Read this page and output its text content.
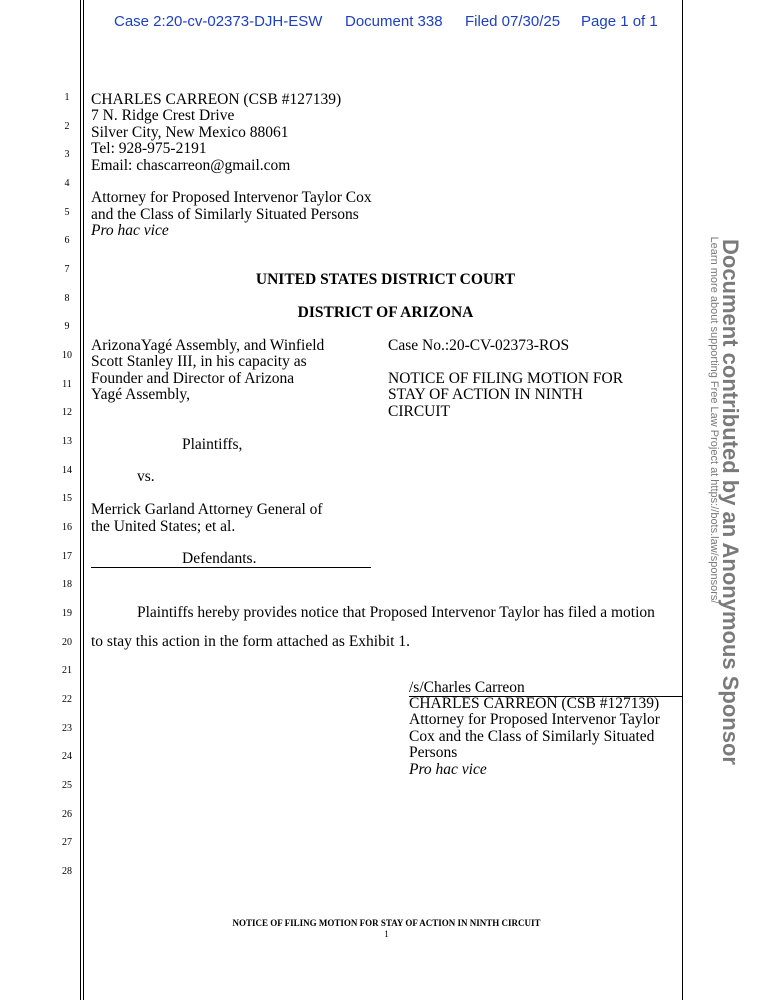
Case 2:20-cv-02373-DJH-ESW Document 338 Filed 07/30/25 Page 1 of 1
1
2
3
4
5
6
7
8
9
10
11
12
13
14
15
16
17
18
19
20
21
22
23
24
25
26
27
28
CHARLES CARREON (CSB #127139)
7 N. Ridge Crest Drive
Silver City, New Mexico 88061
Tel: 928-975-2191
Email: chascarreon@gmail.com
Attorney for Proposed Intervenor Taylor Cox
and the Class of Similarly Situated Persons
Pro hac vice
UNITED STATES DISTRICT COURT
DISTRICT OF ARIZONA
ArizonaYagé Assembly, and Winfield
Scott Stanley III, in his capacity as
Founder and Director of Arizona
Yagé Assembly,
Plaintiffs,
vs.
Merrick Garland Attorney General of
the United States; et al.
Defendants.
Case No.:20-CV-02373-ROS
NOTICE OF FILING MOTION FOR
STAY OF ACTION IN NINTH
CIRCUIT
Plaintiffs hereby provides notice that Proposed Intervenor Taylor has filed a motion
to stay this action in the form attached as Exhibit 1.
/s/Charles Carreon
CHARLES CARREON (CSB #127139)
Attorney for Proposed Intervenor Taylor
Cox and the Class of Similarly Situated
Persons
Pro hac vice
NOTICE OF FILING MOTION FOR STAY OF ACTION IN NINTH CIRCUIT
1
Document contributed by an Anonymous Sponsor
Learn more about supporting Free Law Project at https://bots.law/sponsors/
